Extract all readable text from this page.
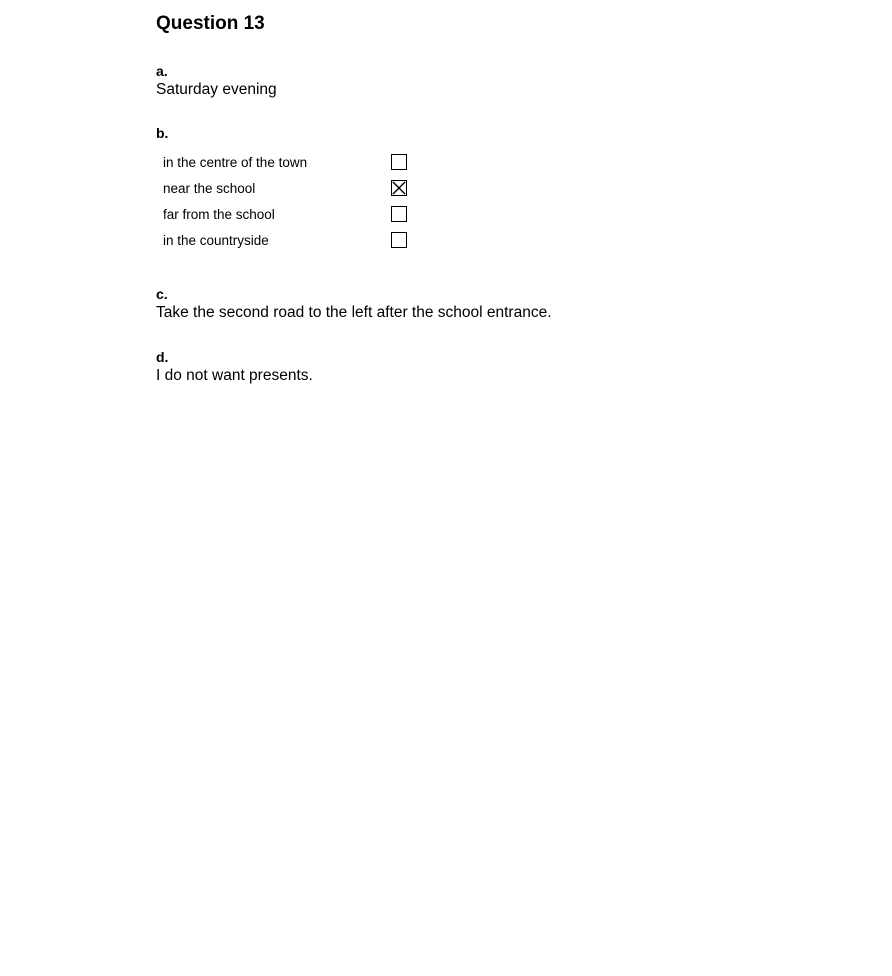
Question 13
a.
Saturday evening
b.
in the centre of the town
near the school
far from the school
in the countryside
c.
Take the second road to the left after the school entrance.
d.
I do not want presents.
